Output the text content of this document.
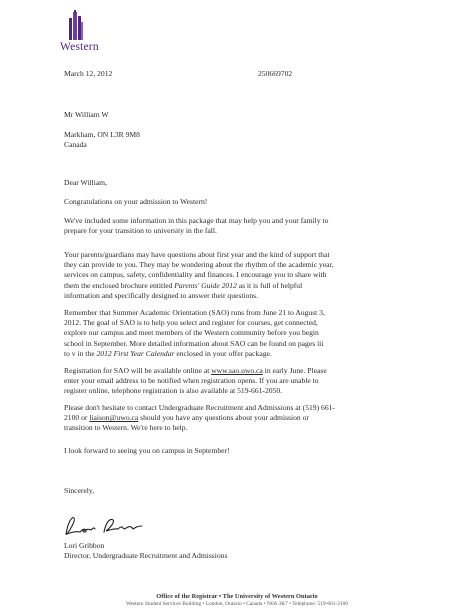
Western
March 12, 2012	250669702
Mr William W
Markham, ON L3R 9M8
Canada
Dear William,

Congratulations on your admission to Western!

We've included some information in this package that may help you and your family to

prepare for your transition to university in the fall.

Your parents/guardians may have questions about first year and the kind of support that

they can provide to you. They may be wondering about the rhythm of the academic year,

services on campus, safety, confidentiality and finances. I encourage you to share with

them the enclosed brochure entitled Parents' Guide 2012 as it is full of helpful

information and specifically designed to answer their questions.

Remember that Summer Academic Orientation (SAO) runs from June 21 to August 3,

2012. The goal of SAO is to help you select and register for courses, get connected,

explore our campus and meet members of the Western community before you begin

school in September. More detailed information about SAO can be found on pages iii

to v in the 2012 First Year Calendar enclosed in your offer package.

Registration for SAO will be available online at www.sao.uwo.ca in early June. Please

enter your email address to be notified when registration opens. If you are unable to

register online, telephone registration is also available at 519-661-2050.

Please don't hesitate to contact Undergraduate Recruitment and Admissions at (519) 661-

2100 or liaison@uwo.ca should you have any questions about your admission or

transition to Western. We're here to help.

I look forward to seeing you on campus in September!

Sincerely,
Lori Gribbon
Director, Undergraduate Recruitment and Admissions
Office of the Registrar • The University of Western Ontario
Western Student Services Building • London, Ontario • Canada • N6A 3K7 • Telephone: 519-661-2100
